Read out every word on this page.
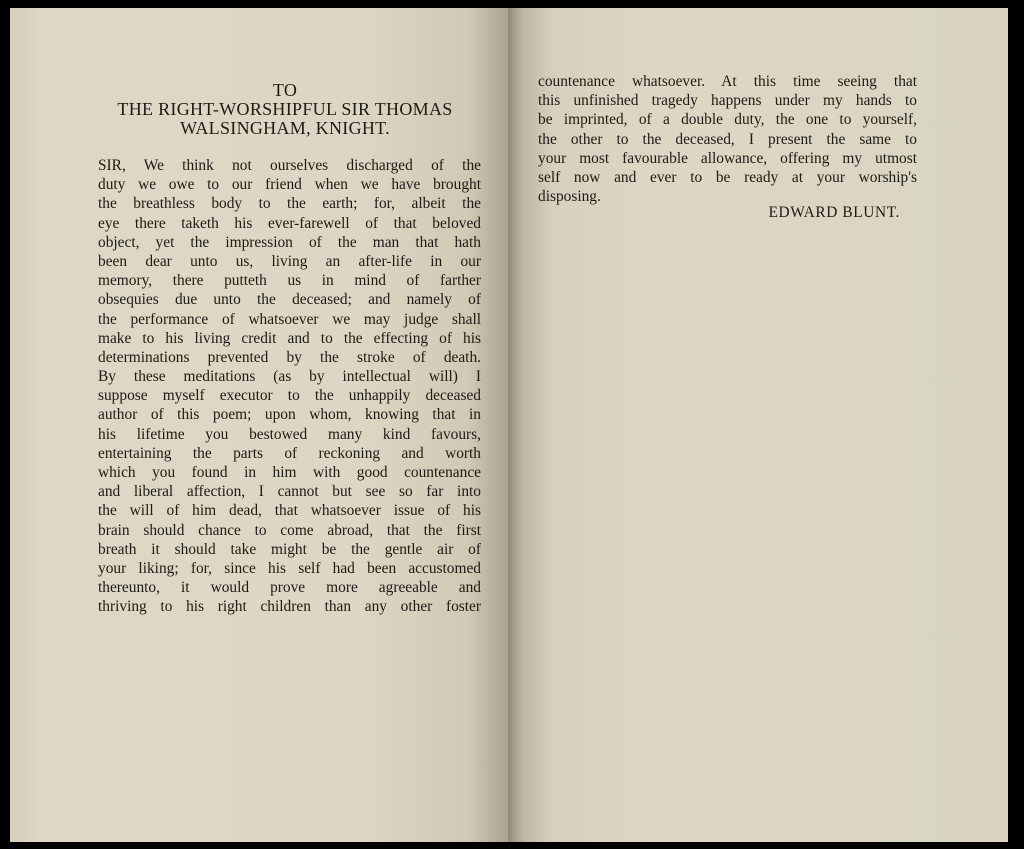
TO
THE RIGHT-WORSHIPFUL SIR THOMAS
WALSINGHAM, KNIGHT.
SIR, We think not ourselves discharged of the
duty we owe to our friend when we have brought
the breathless body to the earth; for, albeit the
eye there taketh his ever-farewell of that beloved
object, yet the impression of the man that hath
been dear unto us, living an after-life in our
memory, there putteth us in mind of farther
obsequies due unto the deceased; and namely of
the performance of whatsoever we may judge shall
make to his living credit and to the effecting of his
determinations prevented by the stroke of death.
By these meditations (as by intellectual will) I
suppose myself executor to the unhappily deceased
author of this poem; upon whom, knowing that in
his lifetime you bestowed many kind favours,
entertaining the parts of reckoning and worth
which you found in him with good countenance
and liberal affection, I cannot but see so far into
the will of him dead, that whatsoever issue of his
brain should chance to come abroad, that the first
breath it should take might be the gentle air of
your liking; for, since his self had been accustomed
thereunto, it would prove more agreeable and
thriving to his right children than any other foster
countenance whatsoever. At this time seeing that
this unfinished tragedy happens under my hands to
be imprinted, of a double duty, the one to yourself,
the other to the deceased, I present the same to
your most favourable allowance, offering my utmost
self now and ever to be ready at your worship's
disposing.
EDWARD BLUNT.
